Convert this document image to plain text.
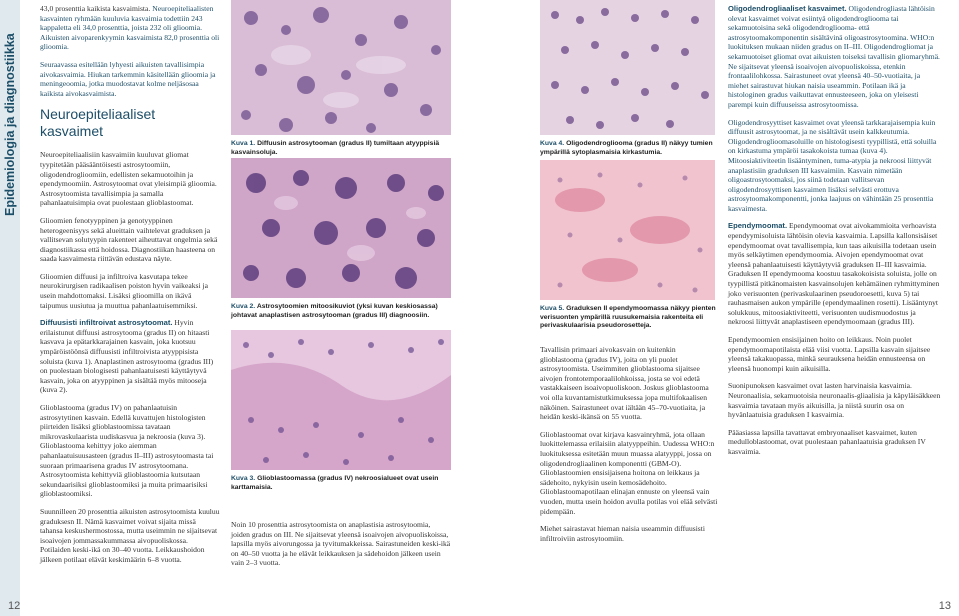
Epidemiologia ja diagnostiikka

43,0 prosenttia kaikista kasvaimista. Neuroepiteliaalisten kasvainten ryhmään kuuluvia kasvaimia todettiin 243 kappaletta eli 34,0 prosenttia, joista 232 oli glioomia. Aikuisten aivoparenkyymin kasvaimista 82,0 prosenttia oli glioomia.

Seuraavassa esitellään lyhyesti aikuisten tavallisimpia aivokasvaimia. Hiukan tarkemmin käsitellään glioomia ja meningeoomia, jotka muodostavat kolme neljäsosaa kaikista aivokasvaimista.

Neuroepiteliaaliset kasvaimet

Neuroepiteliaalisiin kasvaimiin kuuluvat gliomat tyypitetään pääsääntöisesti astrosytoomiin, oligodendroglioomiin, edellisten sekamuotoihin ja ependymoomiin. Astrosytoomat ovat yleisimpiä glioomia. Astrosytoomista tavallisimpia ja samalla pahanlaatuisimpia ovat puolestaan glioblastoomat.

Glioomien fenotyyppinen ja genotyyppinen heterogeenisyys sekä alueittain vaihtelevat graduksen ja vallitsevan solutyypin rakenteet aiheuttavat ongelmia sekä diagnostiikassa että hoidossa. Diagnostiikan haasteena on saada kasvaimesta riittävän edustava näyte.

Glioomien diffuusi ja infiltroiva kasvutapa tekee neurokirurgisen radikaalisen poiston hyvin vaikeaksi ja usein mahdottomaksi. Lisäksi glioomilla on ikävä taipumus uusiutua ja muuttua pahanlaatuisemmiksi.

Diffuusisti infiltroivat astrosytoomat. Hyvin erilaistunut diffuusi astrosytooma (gradus II) on hitaasti kasvava ja epätarkkarajainen kasvain, joka kuotsuu ympäröistöönsä diffuusisti infiltroivista atyyppisista soluista (kuva 1). Anaplastinen astrosytooma (gradus III) on puolestaan biologisesti pahanlaatuisesti käyttäytyvä kasvain, joka on atyyppinen ja sisältää myös mitooseja (kuva 2).

Glioblastooma (gradus IV) on pahanlaatuisin astrosytytinen kasvain. Edellä kuvattujen histologisten piirteiden lisäksi glioblastoomissa tavataan mikrovaskulaarista uudiskasvua ja nekroosia (kuva 3). Glioblastooma kehittyy joko aiemman pahanlaatuisuusasteen (gradus II–III) astrosytoomasta tai suoraan primaarisena gradus IV astrosytoomana. Astrosytoomista kehittyviä glioblastoomia kutsutaan sekundaarisiksi glioblastoomiksi ja muita primaarisiksi glioblastoomiksi.

Suunnilleen 20 prosenttia aikuisten astrosytoomista kuuluu graduksesn II. Nämä kasvaimet voivat sijaita missä tahansa keskushermostossa, mutta useimmin ne sijaitsevat isoaivojen jommassakummassa aivopuoliskossa. Potilaiden keski-ikä on 30–40 vuotta. Leikkaushoidon jälkeen potilaat elävät keskimäärin 6–8 vuotta.

Kuva 1. Diffuusin astrosytooman (gradus II) tumiltaan atyyppisiä kasvainsoluja.
Kuva 2. Astrosytoomien mitoosikuviot (yksi kuvan keskiosassa) johtavat anaplastisen astrosytooman (gradus III) diagnoosiin.
Kuva 3. Glioblastoomassa (gradus IV) nekroosialueet ovat usein karttamaisia.

Noin 10 prosenttia astrosytoomista on anaplastisia astrosytoomia, joiden gradus on III. Ne sijaitsevat yleensä isoaivojen aivopuoliskoissa, lapsilla myös aivorungossa ja tyvitumakkeissa. Sairastuneiden keski-ikä on 40–50 vuotta ja he elävät leikkauksen ja sädehoidon jälkeen usein vain 2–3 vuotta.

Kuva 4. Oligodendrogliooma (gradus II) näkyy tumien ympärillä sytoplasmaisia kirkastumia.
Kuva 5. Graduksen II ependymoomassa näkyy pienten verisuonten ympärillä ruusukemaisia rakenteita eli perivaskulaarisia pseudorosetteja.

Tavallisin primaari aivokasvain on kuitenkin glioblastooma (gradus IV), joita on yli puolet astrosytoomista. Useimmiten glioblastooma sijaitsee aivojen frontotemporaalilohkoissa, josta se voi edetä vastakkaiseen isoaivopuoliskoon. Joskus glioblastooma voi olla kuvantamistutkimuksessa jopa multifokaalisen näköinen. Sairastuneet ovat iältään 45–70-vuotiaita, ja heidän keski-ikänsä on 55 vuotta.

Glioblastoomat ovat kirjava kasvainryhmä, jota ollaan luokittelemassa erilaisiin alatyyppeihin. Uudessa WHO:n luokituksessa esitetään muun muassa alatyyppi, jossa on oligodendrogliaalinen komponentti (GBM-O). Glioblastoomien ensisijaisena hoitona on leikkaus ja sädehoito, nykyisin usein kemosädehoito. Glioblastoomapotilaan elinajan ennuste on yleensä vain vuoden, mutta usein hoidon avulla potilas voi elää selvästi pidempään.

Miehet sairastavat hieman naisia useammin diffuusisti infiltroiviin astrosytoomiin.

Oligodendrogliaaliset kasvaimet. Oligodendrogliasta lähtöisin olevat kasvaimet voivat esiintyä oligodendrogliooma tai sekamuotoisina sekä oligodendrogliooma- että astrosytoomakomponentin sisältävinä oligoastrosytoomina. WHO:n luokituksen mukaan niiden gradus on II–III. Oligodendrogliomat ja sekamuotoiset gliomat ovat aikuisten toiseksi tavallisin gliomaryhmä. Ne sijaitsevat yleensä isoaivojen aivopuoliskoissa, etenkin frontaalilohkossa. Sairastuneet ovat yleensä 40–50-vuotiaita, ja miehet sairastuvat hiukan naisia useammin. Potilaan ikä ja histologinen gradus vaikuttavat ennusteeseen, joka on yleisesti parempi kuin diffuuseissa astrosytoomissa.

Oligodendrosyyttiset kasvaimet ovat yleensä tarkkarajaisempia kuin diffuusit astrosytoomat, ja ne sisältävät usein kalkkeutumia. Oligodendroglioomasoluille on histologisesti tyypillistä, että soluilla on kirkastuma ympäröi tasakokoista tumaa (kuva 4). Mitoosiaktiviteetin lisääntyminen, tuma-atypia ja nekroosi liittyvät anaplastisiin graduksen III kasvaimiin. Kasvain nimetään oligoastrosytoomaksi, jos siinä todetaan vallitsevan oligodendrosyyttisen kasvaimen lisäksi selvästi erottuva astrosytoomakomponentti, jonka laajuus on vähintään 25 prosenttia kasvaimesta.

Ependymoomat. Ependymoomat ovat aivokammioita verhoavista ependyymisoluista lähtöisin olevia kasvaimia. Lapsilla kallonsisäiset ependymoomat ovat tavallisempia, kun taas aikuisilla todetaan usein myös selkäytimen ependymoomia. Aivojen ependymoomat ovat yleensä pahanlaatuisesti käyttäytyviä graduksen II–III kasvaimia. Graduksen II ependymooma koostuu tasakokoisista soluista, jolle on tyypillistä pitkänomaisten kasvainsolujen kehämäinen ryhmittyminen joko verisuonten (perivaskulaarinen pseudoroesetti, kuva 5) tai rauhasmaisen aukon ympärille (ependymaalinen rosetti). Lisääntynyt solukkuus, mitoosiaktiviteetti, verisuonten uudismuodostus ja nekroosi liittyvät anaplastiseen ependymoomaan (gradus III).

Ependymoomien ensisijainen hoito on leikkaus. Noin puolet ependymoomapotilaista elää viisi vuotta. Lapsilla kasvain sijaitsee yleensä takakuopassa, minkä seurauksena heidän ennusteensa on yleensä huonompi kuin aikuisilla.

Suonipunoksen kasvaimet ovat lasten harvinaisia kasvaimia. Neuronaalisia, sekamuotoisia neuronaalis-gliaalisia ja käpyläisäkkeen kasvaimia tavataan myös aikuisilla, ja niistä suurin osa on hyvänlaatuisia graduksen I kasvaimia.

Pääasiassa lapsilla tavattavat embryonaaliset kasvaimet, kuten medulloblastoomat, ovat puolestaan pahanlaatuisia graduksen IV kasvaimia.

12	13
